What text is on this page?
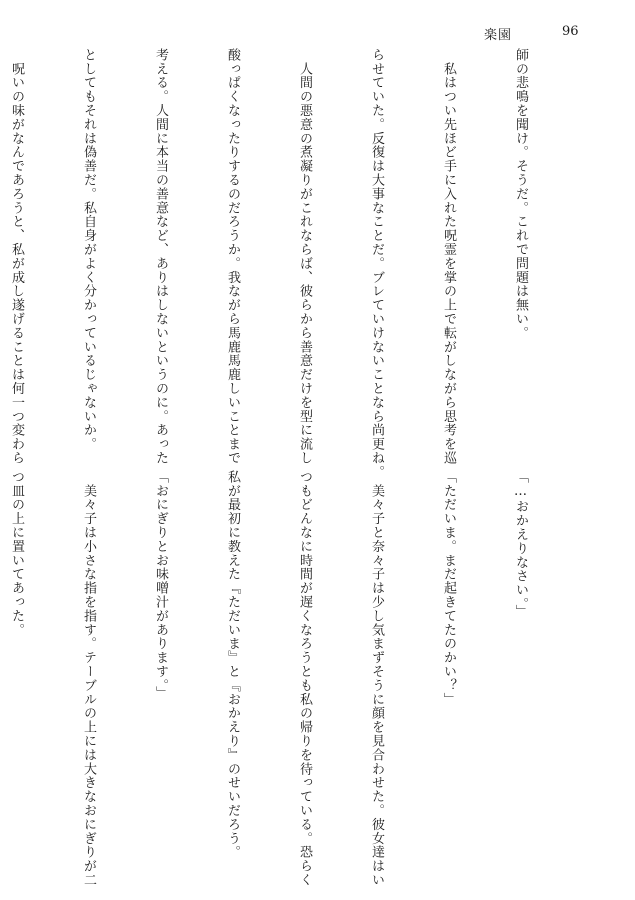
楽園	96

師の悲鳴を聞け。そうだ。これで問題は無い。

　私はつい先ほど手に入れた呪霊を掌の上で転がしながら思考を巡

らせていた。反復は大事なことだ。ブレていけないことなら尚更ね。

　人間の悪意の煮凝りがこれならば、彼らから善意だけを型に流し

酸っぱくなったりするのだろうか。我ながら馬鹿馬鹿しいことまで

考える。人間に本当の善意など、ありはしないというのに。あった

としてもそれは偽善だ。私自身がよく分かっているじゃないか。

　呪いの味がなんであろうと、私が成し遂げることは何一つ変わら

「…おかえりなさい。」

「ただいま。まだ起きてたのかい？」

　美々子と奈々子は少し気まずそうに顔を見合わせた。彼女達はい

つもどんなに時間が遅くなろうとも私の帰りを待っている。恐らく

私が最初に教えた『ただいま』と『おかえり』のせいだろう。

「おにぎりとお味噌汁があります。」

　美々子は小さな指を指す。テーブルの上には大きなおにぎりが二

つ皿の上に置いてあった。
